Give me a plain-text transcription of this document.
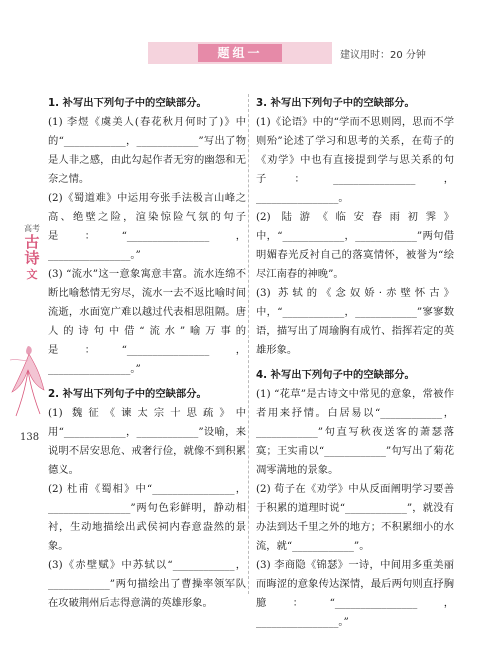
题组一	建议用时：20 分钟
高考
古诗
文
138

1. 补写出下列句子中的空缺部分。

(1) 李煜《虞美人(春花秋月何时了)》中的“____________，____________”写出了物是人非之感，由此勾起作者无穷的幽怨和无奈之情。

(2)《蜀道难》中运用夸张手法极言山峰之高、绝壁之险，渲染惊险气氛的句子是：“________________，________________。”

(3) “流水”这一意象寓意丰富。流水连绵不断比喻愁情无穷尽，流水一去不返比喻时间流逝，水面宽广难以越过代表相思阻隔。唐人的诗句中借“流水”喻万事的是：“________________，________________。”

2. 补写出下列句子中的空缺部分。

(1) 魏征《谏太宗十思疏》中用“____________，____________”设喻，来说明不居安思危、戒奢行俭，就像不到积累德义。

(2) 杜甫《蜀相》中“________________，________________”两句色彩鲜明，静动相衬，生动地描绘出武侯祠内春意盎然的景象。

(3)《赤壁赋》中苏轼以“____________，____________”两句描绘出了曹操率领军队在攻破荆州后志得意满的英雄形象。

3. 补写出下列句子中的空缺部分。

(1)《论语》中的“学而不思则罔，思而不学则殆”论述了学习和思考的关系，在荀子的《劝学》中也有直接提到学与思关系的句子：________________，________________。

(2) 陆游《临安春雨初霁》中，“____________，____________”两句借明媚春光反衬自己的落寞情怀，被誉为“绘尽江南春的神晚”。

(3) 苏轼的《念奴娇·赤壁怀古》中，“____________，____________”寥寥数语，描写出了周瑜胸有成竹、指挥若定的英雄形象。

4. 补写出下列句子中的空缺部分。

(1) “花草”是古诗文中常见的意象，常被作者用来抒情。白居易以“____________，____________”句直写秋夜送客的萧瑟落寞；王实甫以“____________”句写出了菊花凋零满地的景象。

(2) 荀子在《劝学》中从反面阐明学习要善于积累的道理时说“____________”，就没有办法到达千里之外的地方；不积累细小的水流，就“____________”。

(3) 李商隐《锦瑟》一诗，中间用多重美丽而晦涩的意象传达深情，最后两句则直抒胸臆：“________________，________________。”
